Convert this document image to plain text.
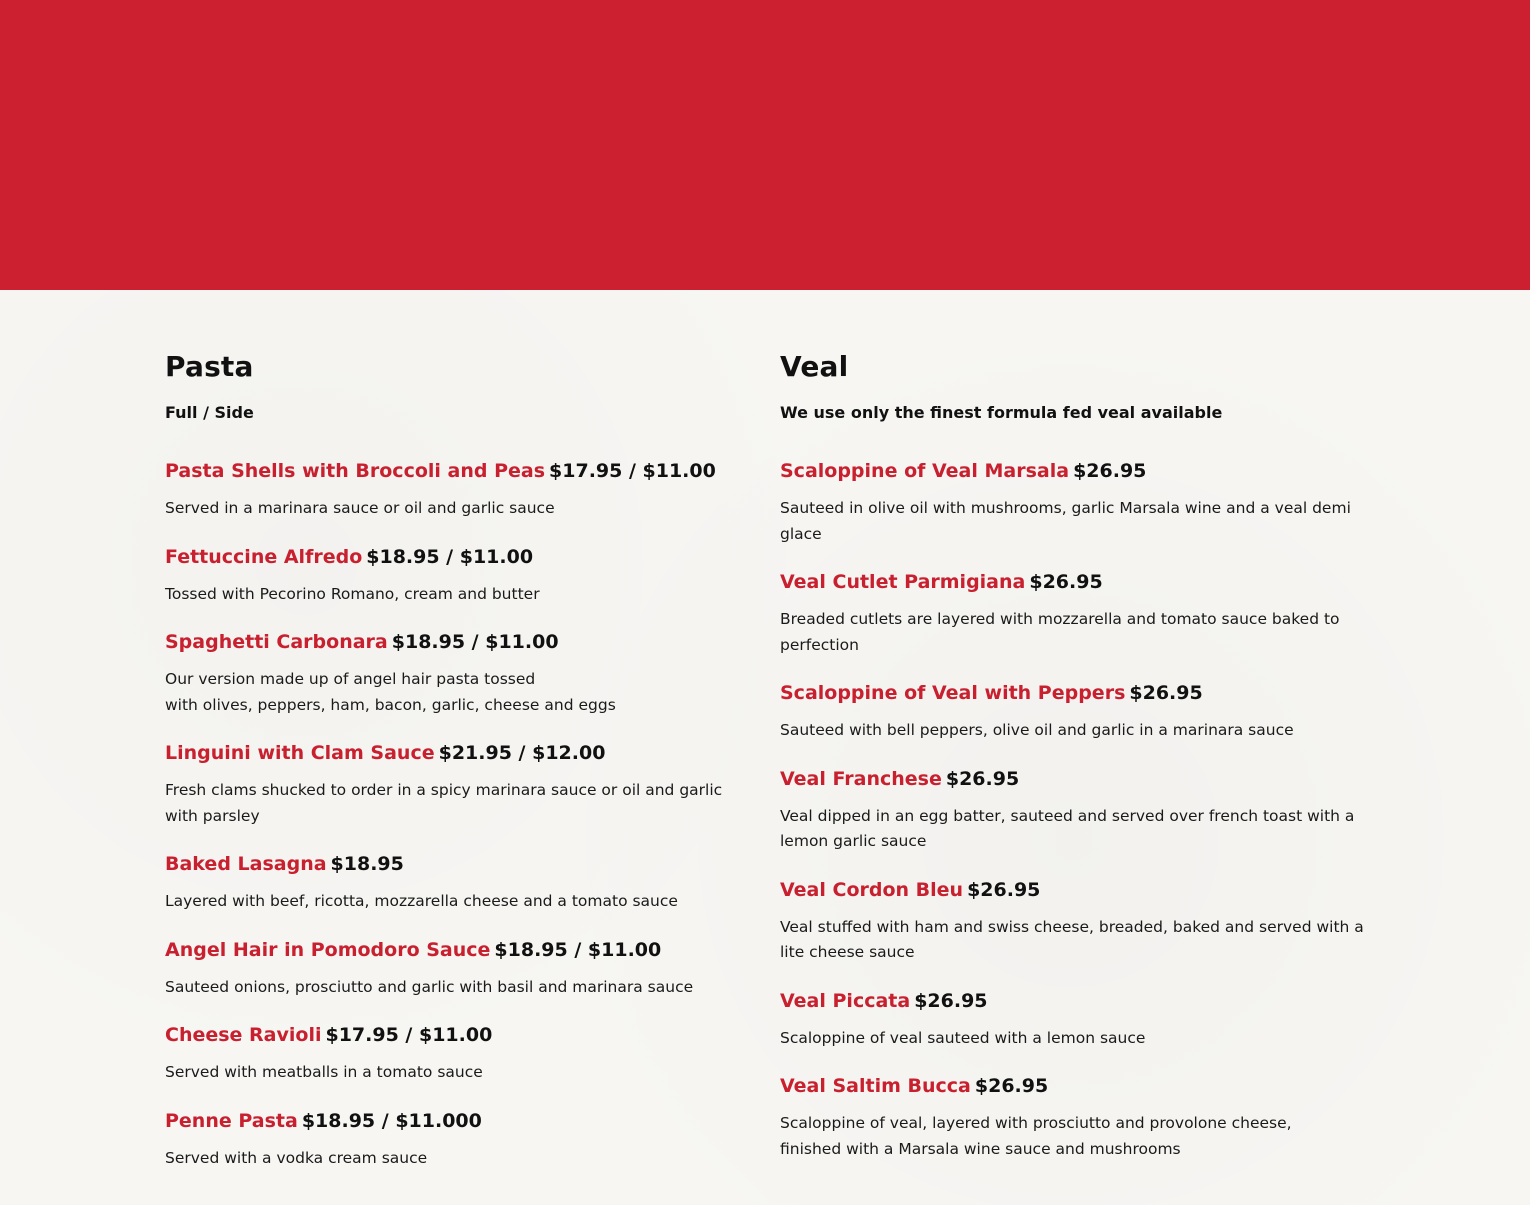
Pasta

Full / Side

Pasta Shells with Broccoli and Peas $17.95 / $11.00

Served in a marinara sauce or oil and garlic sauce

Fettuccine Alfredo $18.95 / $11.00

Tossed with Pecorino Romano, cream and butter

Spaghetti Carbonara $18.95 / $11.00

Our version made up of angel hair pasta tossed
with olives, peppers, ham, bacon, garlic, cheese and eggs

Linguini with Clam Sauce $21.95 / $12.00

Fresh clams shucked to order in a spicy marinara sauce or oil and garlic with parsley

Baked Lasagna $18.95

Layered with beef, ricotta, mozzarella cheese and a tomato sauce

Angel Hair in Pomodoro Sauce $18.95 / $11.00

Sauteed onions, prosciutto and garlic with basil and marinara sauce

Cheese Ravioli $17.95 / $11.00

Served with meatballs in a tomato sauce

Penne Pasta $18.95 / $11.000

Served with a vodka cream sauce

Veal

We use only the finest formula fed veal available

Scaloppine of Veal Marsala $26.95

Sauteed in olive oil with mushrooms, garlic Marsala wine and a veal demi glace

Veal Cutlet Parmigiana $26.95

Breaded cutlets are layered with mozzarella and tomato sauce baked to perfection

Scaloppine of Veal with Peppers $26.95

Sauteed with bell peppers, olive oil and garlic in a marinara sauce

Veal Franchese $26.95

Veal dipped in an egg batter, sauteed and served over french toast with a lemon garlic sauce

Veal Cordon Bleu $26.95

Veal stuffed with ham and swiss cheese, breaded, baked and served with a lite cheese sauce

Veal Piccata $26.95

Scaloppine of veal sauteed with a lemon sauce

Veal Saltim Bucca $26.95

Scaloppine of veal, layered with prosciutto and provolone cheese,
finished with a Marsala wine sauce and mushrooms
